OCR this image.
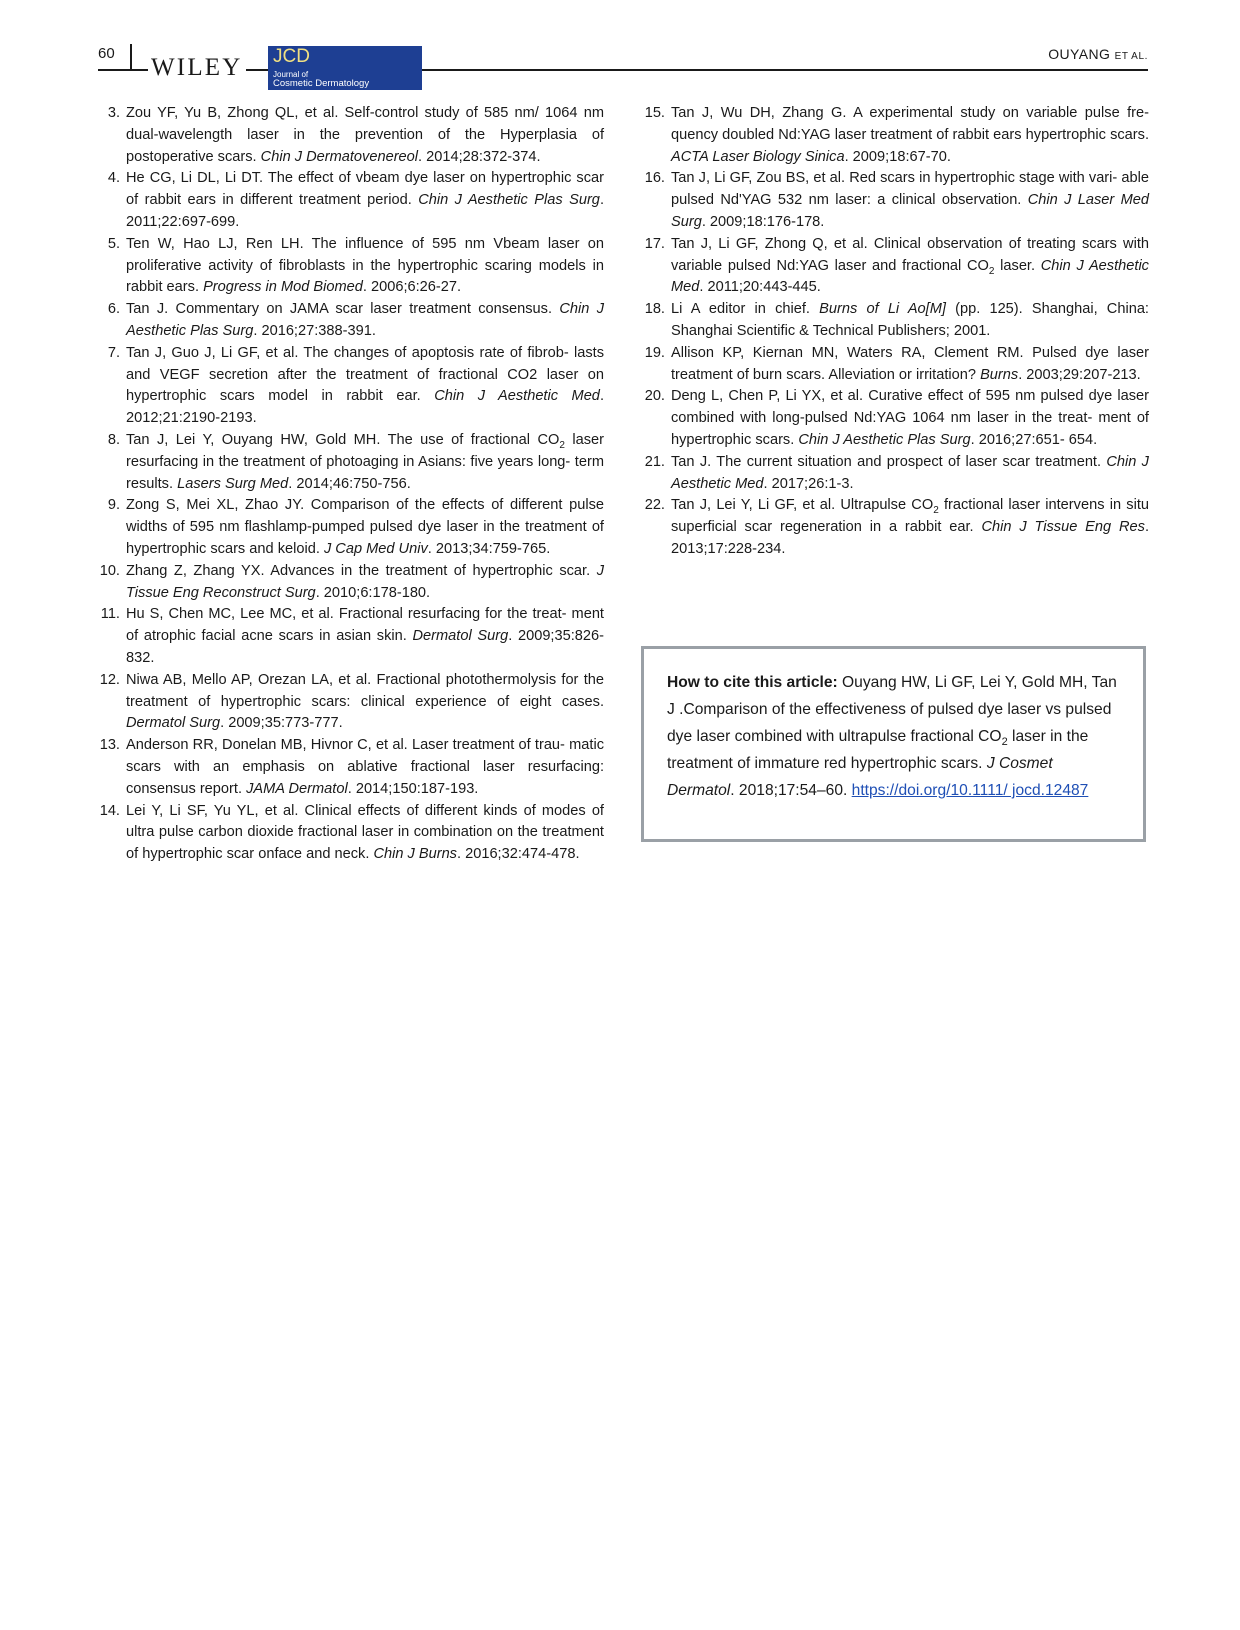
60
WILEY JCD
Journal of
Cosmetic Dermatology
OUYANG ET AL.
3. Zou YF, Yu B, Zhong QL, et al. Self-control study of 585 nm/ 1064 nm dual-wavelength laser in the prevention of the Hyperplasia of postoperative scars. Chin J Dermatovenereol. 2014;28:372-374.
4. He CG, Li DL, Li DT. The effect of vbeam dye laser on hypertrophic scar of rabbit ears in different treatment period. Chin J Aesthetic Plas Surg. 2011;22:697-699.
5. Ten W, Hao LJ, Ren LH. The influence of 595 nm Vbeam laser on proliferative activity of fibroblasts in the hypertrophic scaring models in rabbit ears. Progress in Mod Biomed. 2006;6:26-27.
6. Tan J. Commentary on JAMA scar laser treatment consensus. Chin J Aesthetic Plas Surg. 2016;27:388-391.
7. Tan J, Guo J, Li GF, et al. The changes of apoptosis rate of fibrob- lasts and VEGF secretion after the treatment of fractional CO2 laser on hypertrophic scars model in rabbit ear. Chin J Aesthetic Med. 2012;21:2190-2193.
8. Tan J, Lei Y, Ouyang HW, Gold MH. The use of fractional $CO_2$ laser resurfacing in the treatment of photoaging in Asians: five years long- term results. Lasers Surg Med. 2014;46:750-756.
9. Zong S, Mei XL, Zhao JY. Comparison of the effects of different pulse widths of 595 nm flashlamp-pumped pulsed dye laser in the treatment of hypertrophic scars and keloid. J Cap Med Univ. 2013;34:759-765.
10. Zhang Z, Zhang YX. Advances in the treatment of hypertrophic scar. J Tissue Eng Reconstruct Surg. 2010;6:178-180.
11. Hu S, Chen MC, Lee MC, et al. Fractional resurfacing for the treat- ment of atrophic facial acne scars in asian skin. Dermatol Surg. 2009;35:826-832.
12. Niwa AB, Mello AP, Orezan LA, et al. Fractional photothermolysis for the treatment of hypertrophic scars: clinical experience of eight cases. Dermatol Surg. 2009;35:773-777.
13. Anderson RR, Donelan MB, Hivnor C, et al. Laser treatment of trau- matic scars with an emphasis on ablative fractional laser resurfacing: consensus report. JAMA Dermatol. 2014;150:187-193.
14. Lei Y, Li SF, Yu YL, et al. Clinical effects of different kinds of modes of ultra pulse carbon dioxide fractional laser in combination on the treatment of hypertrophic scar onface and neck. Chin J Burns. 2016;32:474-478.
15. Tan J, Wu DH, Zhang G. A experimental study on variable pulse fre- quency doubled Nd:YAG laser treatment of rabbit ears hypertrophic scars. ACTA Laser Biology Sinica. 2009;18:67-70.
16. Tan J, Li GF, Zou BS, et al. Red scars in hypertrophic stage with vari- able pulsed Nd'YAG 532 nm laser: a clinical observation. Chin J Laser Med Surg. 2009;18:176-178.
17. Tan J, Li GF, Zhong Q, et al. Clinical observation of treating scars with variable pulsed Nd:YAG laser and fractional $CO_2$ laser. Chin J Aesthetic Med. 2011;20:443-445.
18. Li A editor in chief. Burns of Li Ao[M] (pp. 125). Shanghai, China: Shanghai Scientific & Technical Publishers; 2001.
19. Allison KP, Kiernan MN, Waters RA, Clement RM. Pulsed dye laser treatment of burn scars. Alleviation or irritation? Burns. 2003;29:207-213.
20. Deng L, Chen P, Li YX, et al. Curative effect of 595 nm pulsed dye laser combined with long-pulsed Nd:YAG 1064 nm laser in the treat- ment of hypertrophic scars. Chin J Aesthetic Plas Surg. 2016;27:651- 654.
21. Tan J. The current situation and prospect of laser scar treatment. Chin J Aesthetic Med. 2017;26:1-3.
22. Tan J, Lei Y, Li GF, et al. Ultrapulse $CO_2$ fractional laser intervens in situ superficial scar regeneration in a rabbit ear. Chin J Tissue Eng Res. 2013;17:228-234.
How to cite this article: Ouyang HW, Li GF, Lei Y, Gold MH, Tan J .Comparison of the effectiveness of pulsed dye laser vs pulsed dye laser combined with ultrapulse fractional $CO_2$ laser in the treatment of immature red hypertrophic scars. J Cosmet Dermatol. 2018;17:54–60. https://doi.org/10.1111/ jocd.12487
